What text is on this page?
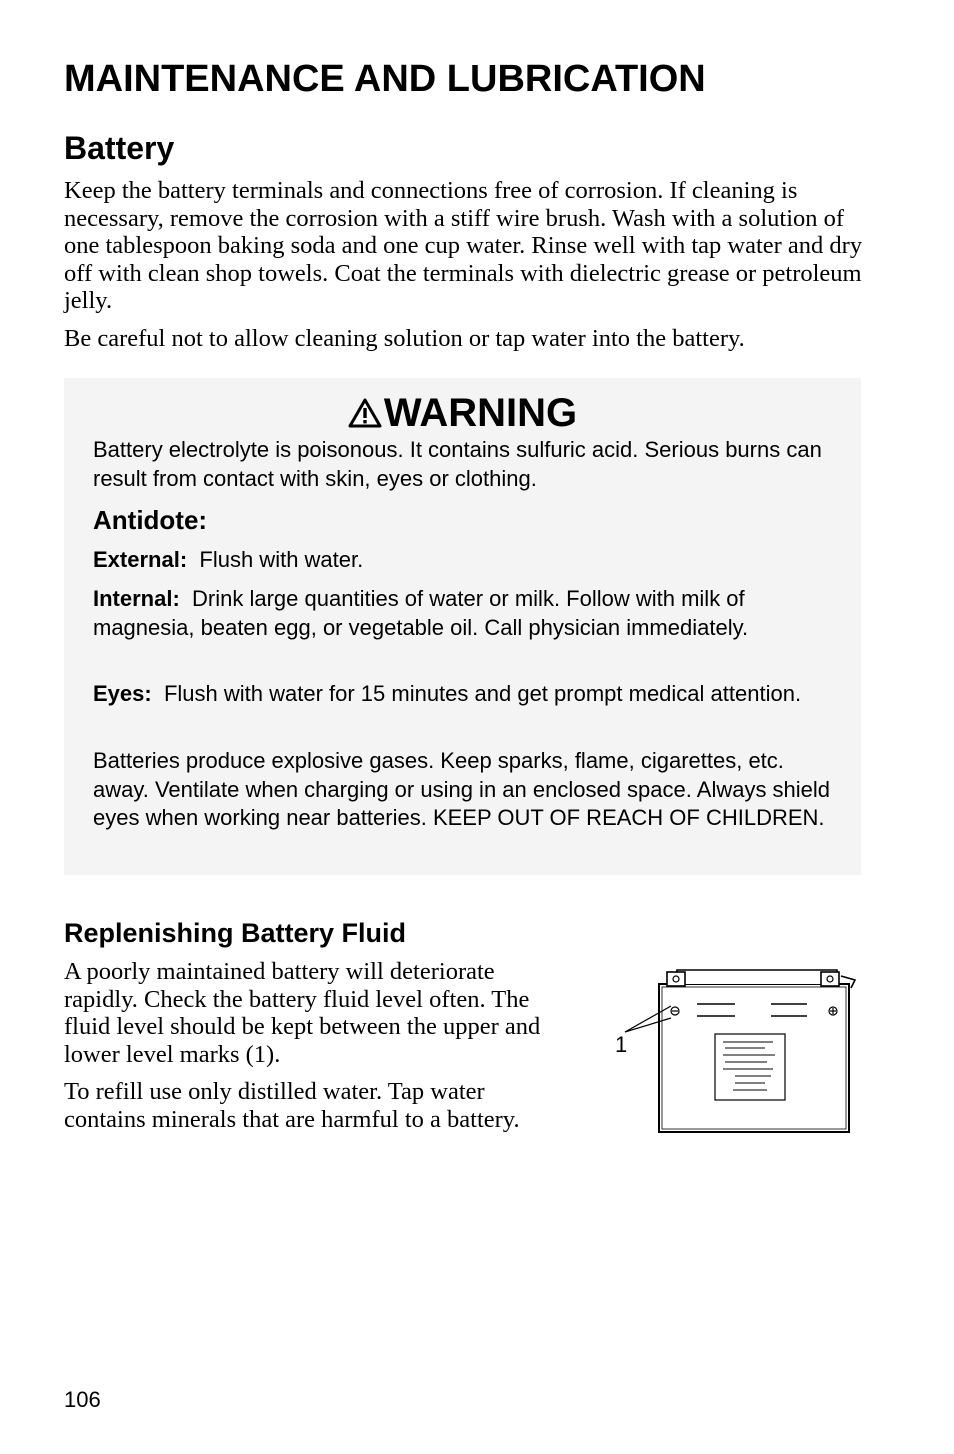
MAINTENANCE AND LUBRICATION
Battery

Keep the battery terminals and connections free of corrosion. If cleaning is necessary, remove the corrosion with a stiff wire brush. Wash with a solution of one tablespoon baking soda and one cup water. Rinse well with tap water and dry off with clean shop towels. Coat the terminals with dielectric grease or petroleum jelly.

Be careful not to allow cleaning solution or tap water into the battery.

WARNING

Battery electrolyte is poisonous. It contains sulfuric acid. Serious burns can result from contact with skin, eyes or clothing.

Antidote:

External: Flush with water.

Internal: Drink large quantities of water or milk. Follow with milk of magnesia, beaten egg, or vegetable oil. Call physician immediately.

Eyes: Flush with water for 15 minutes and get prompt medical attention.

Batteries produce explosive gases. Keep sparks, flame, cigarettes, etc. away. Ventilate when charging or using in an enclosed space. Always shield eyes when working near batteries. KEEP OUT OF REACH OF CHILDREN.

Replenishing Battery Fluid

A poorly maintained battery will deteriorate rapidly. Check the battery fluid level often. The fluid level should be kept between the upper and lower level marks (1).

To refill use only distilled water. Tap water contains minerals that are harmful to a battery.

1
106
